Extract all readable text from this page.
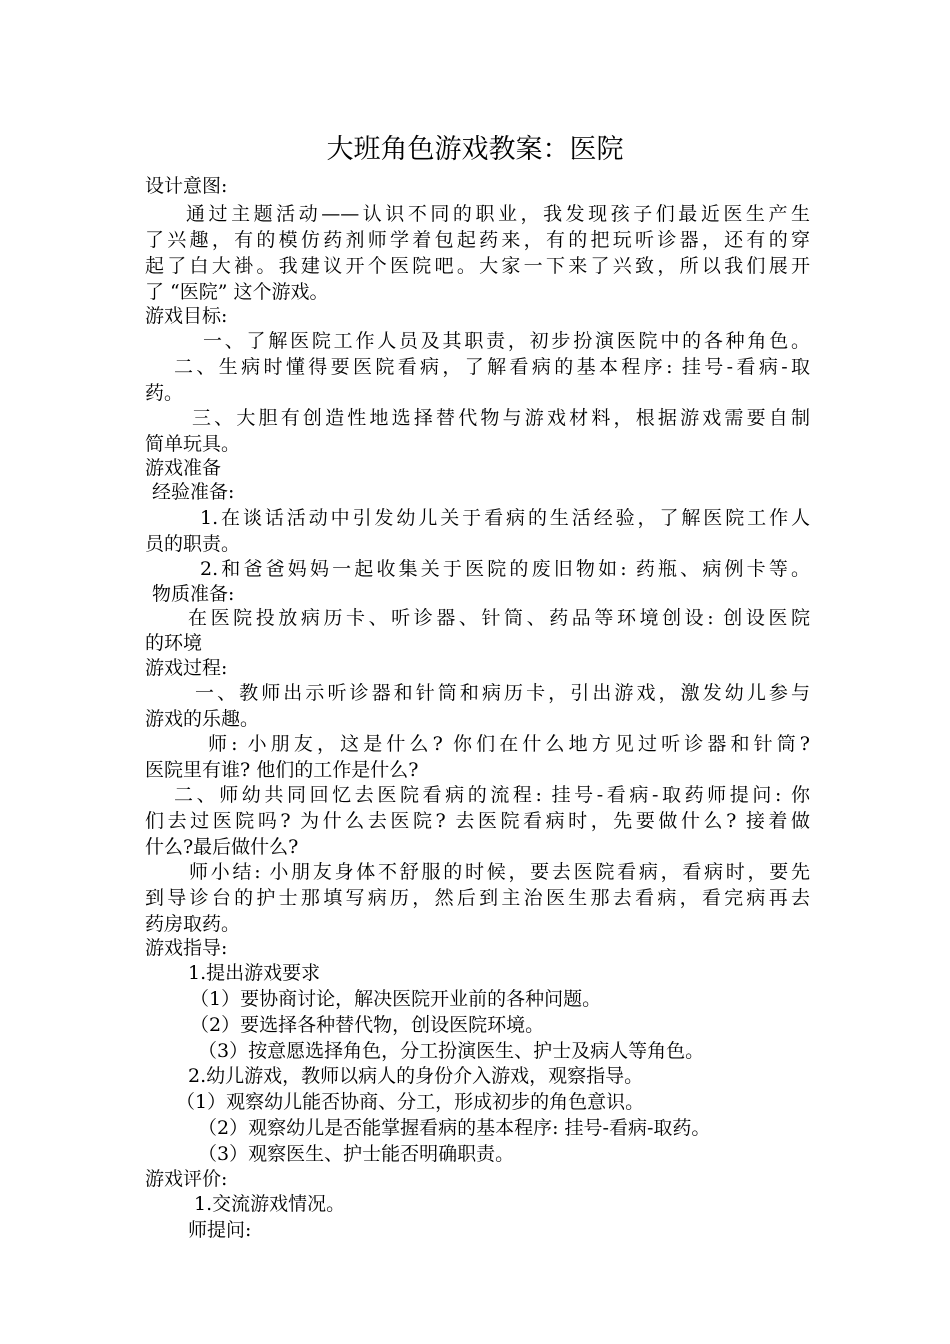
大班角色游戏教案：医院
设计意图:
通过主题活动——认识不同的职业，我发现孩子们最近医生产生
了兴趣，有的模仿药剂师学着包起药来，有的把玩听诊器，还有的穿
起了白大褂。我建议开个医院吧。大家一下来了兴致，所以我们展开
了 “医院” 这个游戏。
游戏目标:
一、了解医院工作人员及其职责，初步扮演医院中的各种角色。
二、生病时懂得要医院看病，了解看病的基本程序: 挂号-看病-取
药。
三、大胆有创造性地选择替代物与游戏材料，根据游戏需要自制
简单玩具。
游戏准备
经验准备:
1.在谈话活动中引发幼儿关于看病的生活经验，了解医院工作人
员的职责。
2.和爸爸妈妈一起收集关于医院的废旧物如: 药瓶、病例卡等。
物质准备:
在医院投放病历卡、听诊器、针筒、药品等环境创设: 创设医院
的环境
游戏过程:
一、教师出示听诊器和针筒和病历卡，引出游戏，激发幼儿参与
游戏的乐趣。
师: 小朋友，这是什么? 你们在什么地方见过听诊器和针筒?
医院里有谁? 他们的工作是什么?
二、师幼共同回忆去医院看病的流程: 挂号-看病-取药师提问: 你
们去过医院吗? 为什么去医院? 去医院看病时，先要做什么? 接着做
什么?最后做什么?
师小结: 小朋友身体不舒服的时候，要去医院看病，看病时，要先
到导诊台的护士那填写病历，然后到主治医生那去看病，看完病再去
药房取药。
游戏指导:
1.提出游戏要求
（1）要协商讨论，解决医院开业前的各种问题。
（2）要选择各种替代物，创设医院环境。
（3）按意愿选择角色，分工扮演医生、护士及病人等角色。
2.幼儿游戏，教师以病人的身份介入游戏，观察指导。
（1）观察幼儿能否协商、分工，形成初步的角色意识。
（2）观察幼儿是否能掌握看病的基本程序: 挂号-看病-取药。
（3）观察医生、护士能否明确职责。
游戏评价:
1.交流游戏情况。
师提问:
